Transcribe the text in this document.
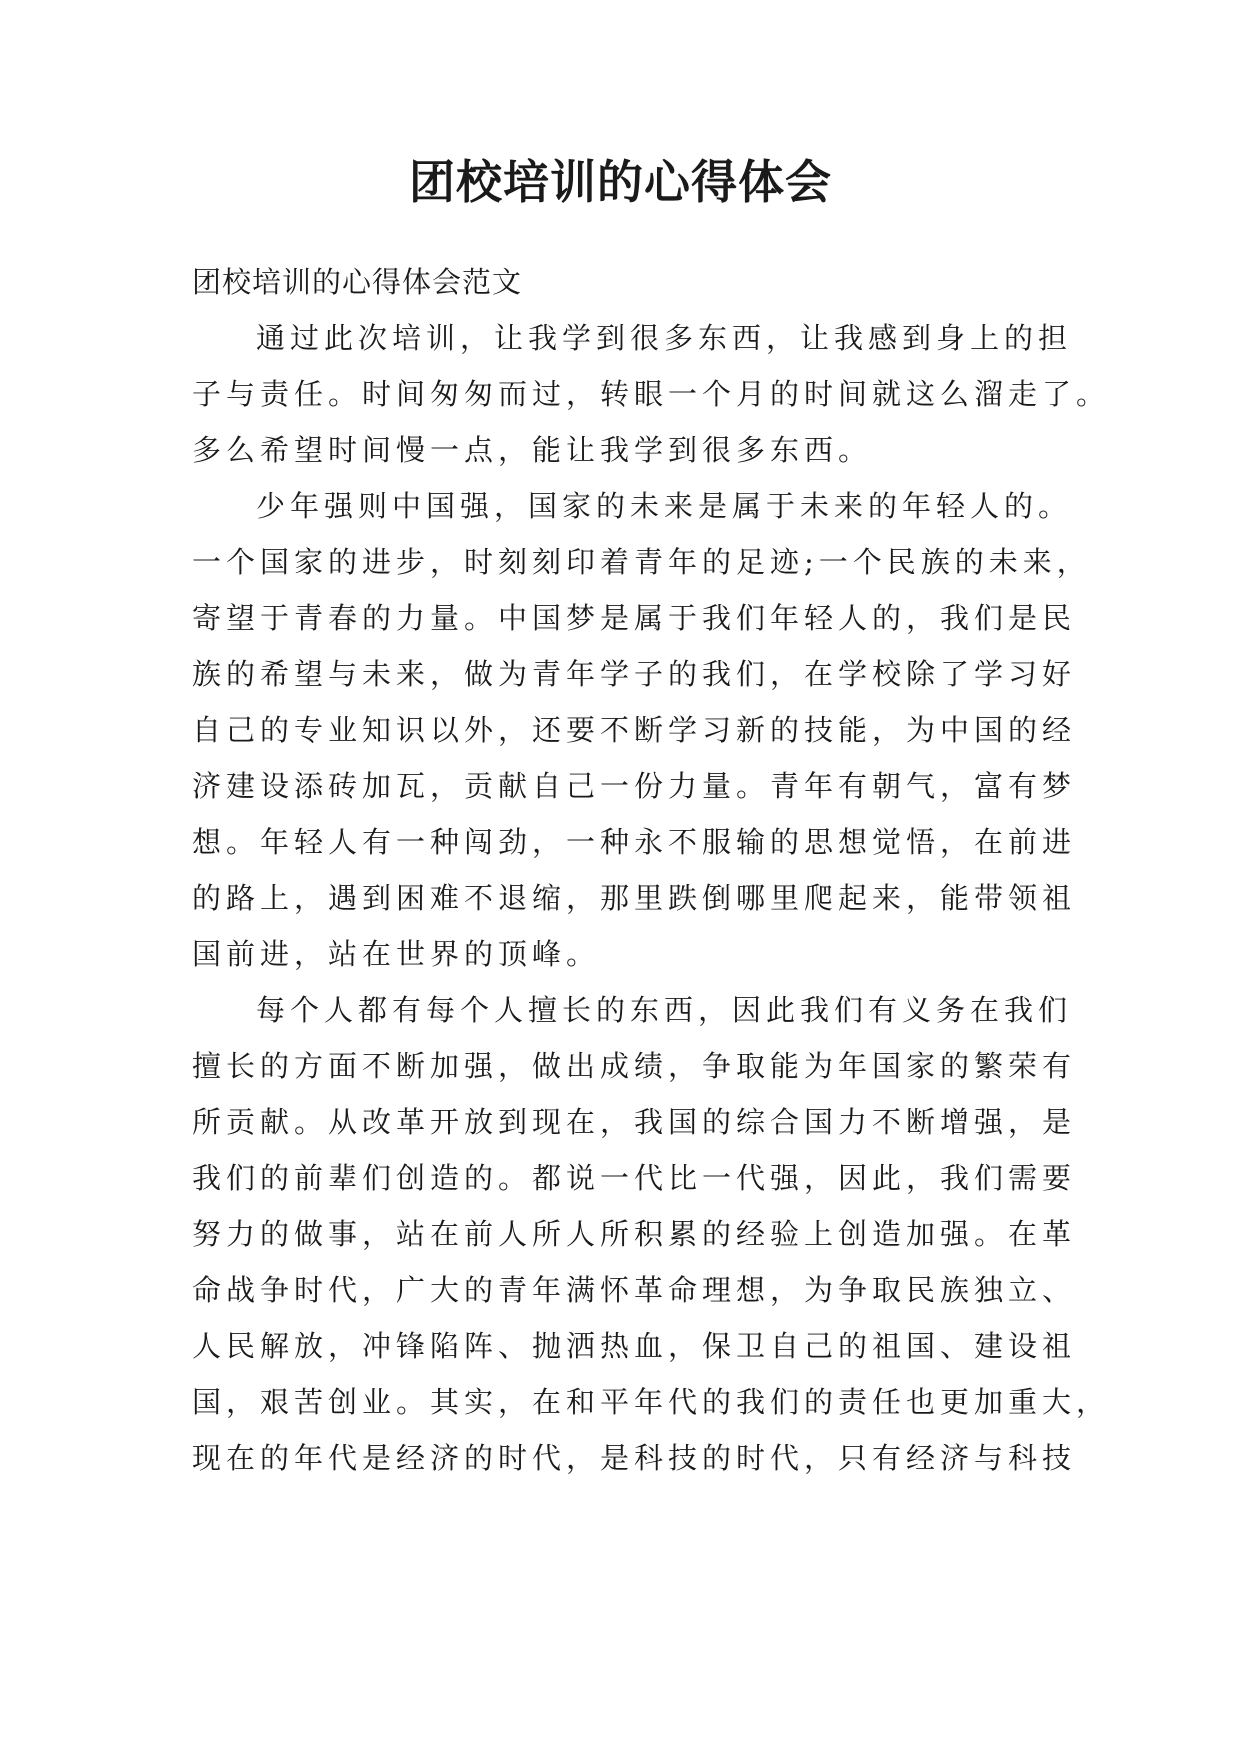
团校培训的心得体会
团校培训的心得体会范文
通过此次培训，让我学到很多东西，让我感到身上的担
子与责任。时间匆匆而过，转眼一个月的时间就这么溜走了。
多么希望时间慢一点，能让我学到很多东西。
少年强则中国强，国家的未来是属于未来的年轻人的。
一个国家的进步，时刻刻印着青年的足迹;一个民族的未来，
寄望于青春的力量。中国梦是属于我们年轻人的，我们是民
族的希望与未来，做为青年学子的我们，在学校除了学习好
自己的专业知识以外，还要不断学习新的技能，为中国的经
济建设添砖加瓦，贡献自己一份力量。青年有朝气，富有梦
想。年轻人有一种闯劲，一种永不服输的思想觉悟，在前进
的路上，遇到困难不退缩，那里跌倒哪里爬起来，能带领祖
国前进，站在世界的顶峰。
每个人都有每个人擅长的东西，因此我们有义务在我们
擅长的方面不断加强，做出成绩，争取能为年国家的繁荣有
所贡献。从改革开放到现在，我国的综合国力不断增强，是
我们的前辈们创造的。都说一代比一代强，因此，我们需要
努力的做事，站在前人所人所积累的经验上创造加强。在革
命战争时代，广大的青年满怀革命理想，为争取民族独立、
人民解放，冲锋陷阵、抛洒热血，保卫自己的祖国、建设祖
国，艰苦创业。其实，在和平年代的我们的责任也更加重大，
现在的年代是经济的时代，是科技的时代，只有经济与科技
